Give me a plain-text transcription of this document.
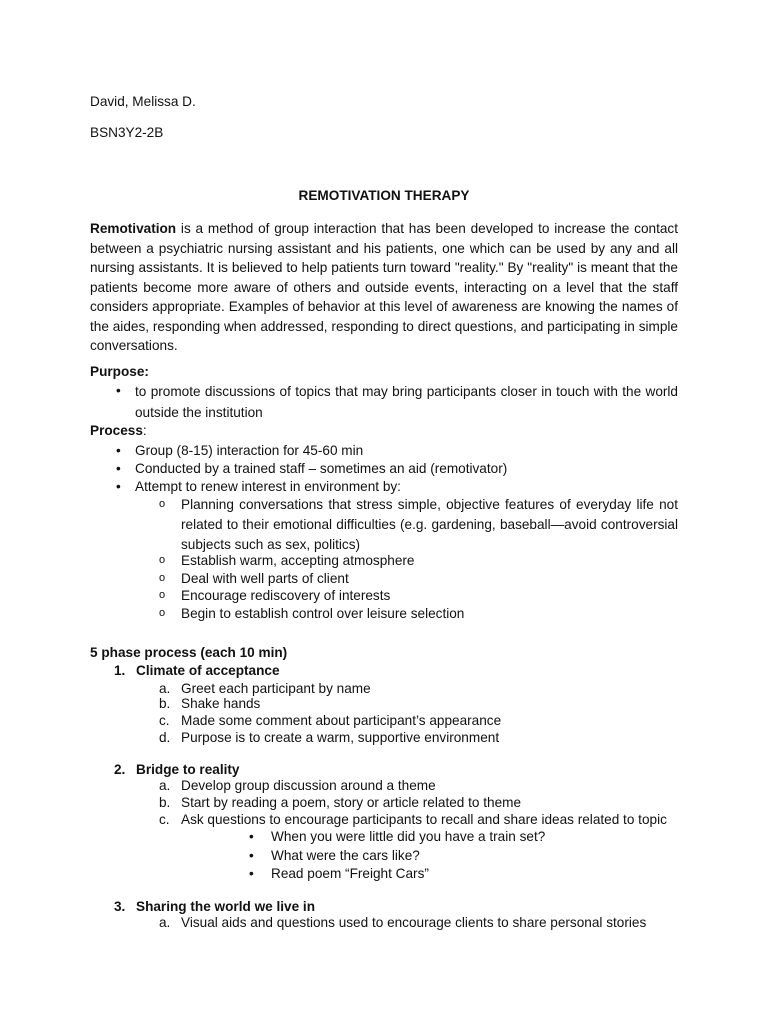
David, Melissa D.

BSN3Y2-2B

REMOTIVATION THERAPY

Remotivation is a method of group interaction that has been developed to increase the contact between a psychiatric nursing assistant and his patients, one which can be used by any and all nursing assistants. It is believed to help patients turn toward "reality." By "reality" is meant that the patients become more aware of others and outside events, interacting on a level that the staff considers appropriate. Examples of behavior at this level of awareness are knowing the names of the aides, responding when addressed, responding to direct questions, and participating in simple conversations.

Purpose:

•	to promote discussions of topics that may bring participants closer in touch with the world outside the institution

Process:

•	Group (8-15) interaction for 45-60 min

•	Conducted by a trained staff – sometimes an aid (remotivator)

•	Attempt to renew interest in environment by:

o	Planning conversations that stress simple, objective features of everyday life not related to their emotional difficulties (e.g. gardening, baseball—avoid controversial subjects such as sex, politics)

o	Establish warm, accepting atmosphere

o	Deal with well parts of client

o	Encourage rediscovery of interests

o	Begin to establish control over leisure selection

5 phase process (each 10 min)

1. Climate of acceptance

a. Greet each participant by name

b. Shake hands

c. Made some comment about participant’s appearance

d. Purpose is to create a warm, supportive environment

2. Bridge to reality

a. Develop group discussion around a theme

b. Start by reading a poem, story or article related to theme

c. Ask questions to encourage participants to recall and share ideas related to topic

•	When you were little did you have a train set?

•	What were the cars like?

•	Read poem “Freight Cars”

3. Sharing the world we live in

a. Visual aids and questions used to encourage clients to share personal stories
